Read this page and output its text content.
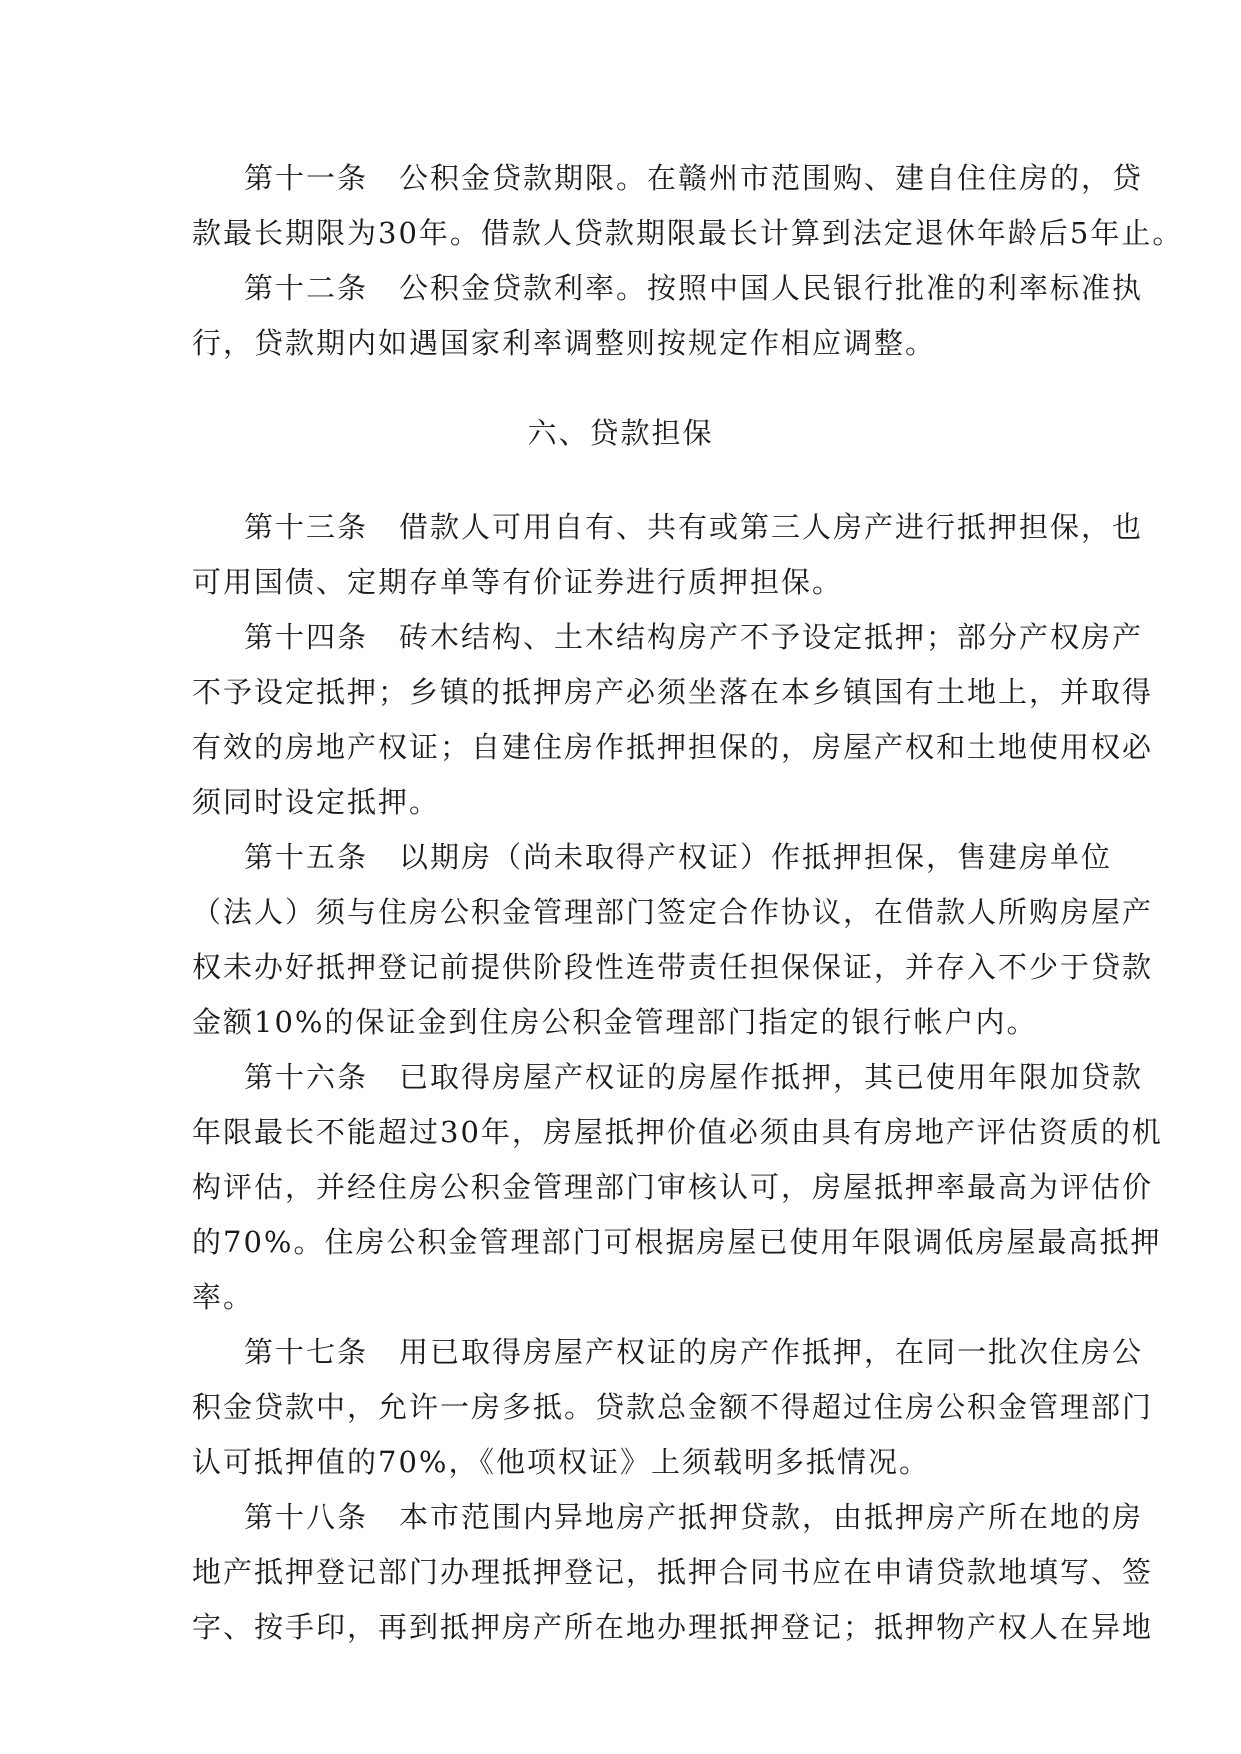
第十一条　公积金贷款期限。在赣州市范围购、建自住住房的，贷
款最长期限为30年。借款人贷款期限最长计算到法定退休年龄后5年止。
第十二条　公积金贷款利率。按照中国人民银行批准的利率标准执
行，贷款期内如遇国家利率调整则按规定作相应调整。
六、贷款担保
第十三条　借款人可用自有、共有或第三人房产进行抵押担保，也
可用国债、定期存单等有价证券进行质押担保。
第十四条　砖木结构、土木结构房产不予设定抵押；部分产权房产
不予设定抵押；乡镇的抵押房产必须坐落在本乡镇国有土地上，并取得
有效的房地产权证；自建住房作抵押担保的，房屋产权和土地使用权必
须同时设定抵押。
第十五条　以期房（尚未取得产权证）作抵押担保，售建房单位
（法人）须与住房公积金管理部门签定合作协议，在借款人所购房屋产
权未办好抵押登记前提供阶段性连带责任担保保证，并存入不少于贷款
金额10%的保证金到住房公积金管理部门指定的银行帐户内。
第十六条　已取得房屋产权证的房屋作抵押，其已使用年限加贷款
年限最长不能超过30年，房屋抵押价值必须由具有房地产评估资质的机
构评估，并经住房公积金管理部门审核认可，房屋抵押率最高为评估价
的70%。住房公积金管理部门可根据房屋已使用年限调低房屋最高抵押
率。
第十七条　用已取得房屋产权证的房产作抵押，在同一批次住房公
积金贷款中，允许一房多抵。贷款总金额不得超过住房公积金管理部门
认可抵押值的70%，《他项权证》上须载明多抵情况。
第十八条　本市范围内异地房产抵押贷款，由抵押房产所在地的房
地产抵押登记部门办理抵押登记，抵押合同书应在申请贷款地填写、签
字、按手印，再到抵押房产所在地办理抵押登记；抵押物产权人在异地
